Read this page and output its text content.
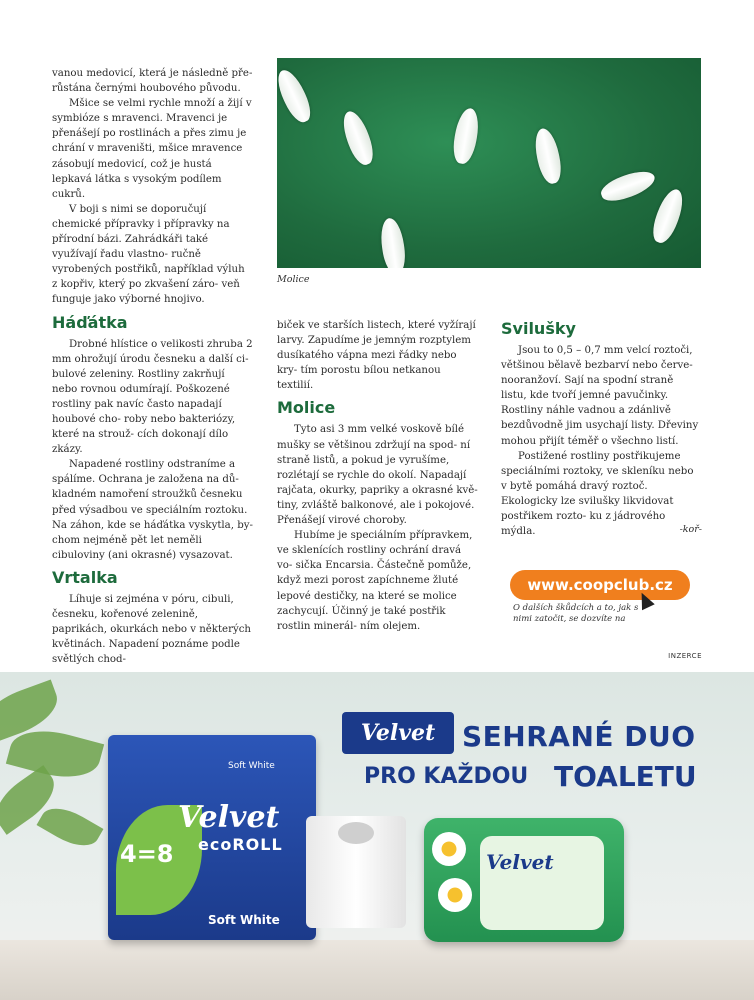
vanou medovicí, která je následně pře- růstána černými houbového původu.

Mšice se velmi rychle množí a žijí v symbióze s mravenci. Mravenci je přenášejí po rostlinách a přes zimu je chrání v mraveništi, mšice mravence zásobují medovicí, což je hustá lepkavá látka s vysokým podílem cukrů.

V boji s nimi se doporučují chemické přípravky i přípravky na přírodní bázi. Zahrádkáři také využívají řadu vlastno- ručně vyrobených postřiků, například výluh z kopřiv, který po zkvašení záro- veň funguje jako výborné hnojivo.

Háďátka

Drobné hlístice o velikosti zhruba 2 mm ohrožují úrodu česneku a další ci- bulové zeleniny. Rostliny zakrňují nebo rovnou odumírají. Poškozené rostliny pak navíc často napadají houbové cho- roby nebo bakteriózy, které na strouž- cích dokonají dílo zkázy.

Napadené rostliny odstraníme a spálíme. Ochrana je založena na dů- kladném namoření stroužků česneku před výsadbou ve speciálním roztoku. Na záhon, kde se háďátka vyskytla, by- chom nejméně pět let neměli cibuloviny (ani okrasné) vysazovat.

Vrtalka

Líhuje si zejména v póru, cibuli, česneku, kořenové zelenině, paprikách, okurkách nebo v některých květinách. Napadení poznáme podle světlých chod-

Molice

biček ve starších listech, které vyžírají larvy. Zapudíme je jemným rozptylem dusíkatého vápna mezi řádky nebo kry- tím porostu bílou netkanou textilií.

Molice

Tyto asi 3 mm velké voskově bílé mušky se většinou zdržují na spod- ní straně listů, a pokud je vyrušíme, rozlétají se rychle do okolí. Napadají rajčata, okurky, papriky a okrasné kvě- tiny, zvláště balkonové, ale i pokojové. Přenášejí virové choroby.

Hubíme je speciálním přípravkem, ve sklenících rostliny ochrání dravá vo- sička Encarsia. Částečně pomůže, když mezi porost zapíchneme žluté lepové destičky, na které se molice zachycují. Účinný je také postřik rostlin minerál- ním olejem.

Svilušky

Jsou to 0,5 – 0,7 mm velcí roztoči, většinou bělavě bezbarví nebo červe- nooranžoví. Sají na spodní straně listu, kde tvoří jemné pavučinky. Rostliny náhle vadnou a zdánlivě bezdůvodně jim usychají listy. Dřeviny mohou přijít téměř o všechno listí.

Postižené rostliny postřikujeme speciálními roztoky, ve skleníku nebo v bytě pomáhá dravý roztoč. Ekologicky lze svilušky likvidovat postřikem rozto- ku z jádrového mýdla.	-koř-
www.coopclub.cz
O dalších škůdcích a to, jak s nimi zatočit, se dozvíte na
INZERCE
Velvet SEHRANÉ DUO
PRO KAŽDOU TOALETU
Soft White
Velvet
ecoROLL
4=8
Soft White
Velvet
